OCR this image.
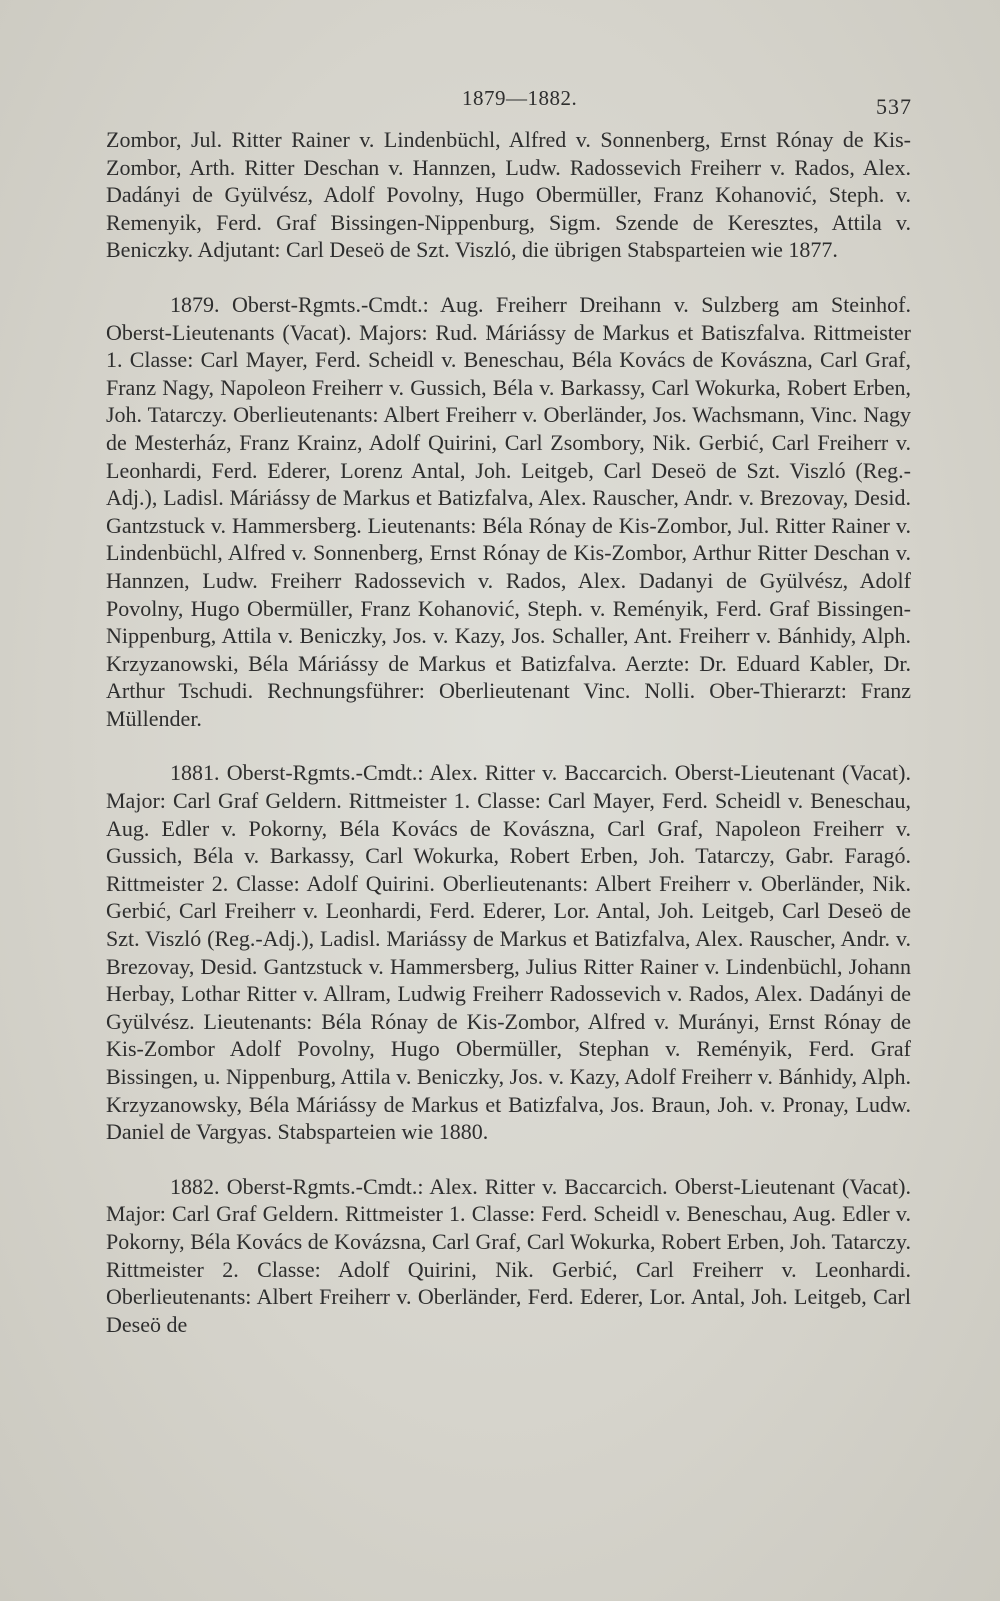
1879—1882.	537

Zombor, Jul. Ritter Rainer v. Lindenbüchl, Alfred v. Sonnenberg, Ernst Rónay de Kis-Zombor, Arth. Ritter Deschan v. Hannzen, Ludw. Radossevich Freiherr v. Rados, Alex. Dadányi de Gyülvész, Adolf Povolny, Hugo Obermüller, Franz Kohanović, Steph. v. Remenyik, Ferd. Graf Bissingen-Nippenburg, Sigm. Szende de Keresztes, Attila v. Beniczky. Adjutant: Carl Deseö de Szt. Viszló, die übrigen Stabsparteien wie 1877.

1879. Oberst-Rgmts.-Cmdt.: Aug. Freiherr Dreihann v. Sulzberg am Steinhof. Oberst-Lieutenants (Vacat). Majors: Rud. Máriássy de Markus et Batiszfalva. Rittmeister 1. Classe: Carl Mayer, Ferd. Scheidl v. Beneschau, Béla Kovács de Kovászna, Carl Graf, Franz Nagy, Napoleon Freiherr v. Gussich, Béla v. Barkassy, Carl Wokurka, Robert Erben, Joh. Tatarczy. Oberlieutenants: Albert Freiherr v. Oberländer, Jos. Wachsmann, Vinc. Nagy de Mesterház, Franz Krainz, Adolf Quirini, Carl Zsombory, Nik. Gerbić, Carl Freiherr v. Leonhardi, Ferd. Ederer, Lorenz Antal, Joh. Leitgeb, Carl Deseö de Szt. Viszló (Reg.-Adj.), Ladisl. Máriássy de Markus et Batizfalva, Alex. Rauscher, Andr. v. Brezovay, Desid. Gantzstuck v. Hammersberg. Lieutenants: Béla Rónay de Kis-Zombor, Jul. Ritter Rainer v. Lindenbüchl, Alfred v. Sonnenberg, Ernst Rónay de Kis-Zombor, Arthur Ritter Deschan v. Hannzen, Ludw. Freiherr Radossevich v. Rados, Alex. Dadanyi de Gyülvész, Adolf Povolny, Hugo Obermüller, Franz Kohanović, Steph. v. Reményik, Ferd. Graf Bissingen-Nippenburg, Attila v. Beniczky, Jos. v. Kazy, Jos. Schaller, Ant. Freiherr v. Bánhidy, Alph. Krzyzanowski, Béla Máriássy de Markus et Batizfalva. Aerzte: Dr. Eduard Kabler, Dr. Arthur Tschudi. Rechnungsführer: Oberlieutenant Vinc. Nolli. Ober-Thierarzt: Franz Müllender.

1881. Oberst-Rgmts.-Cmdt.: Alex. Ritter v. Baccarcich. Oberst-Lieutenant (Vacat). Major: Carl Graf Geldern. Rittmeister 1. Classe: Carl Mayer, Ferd. Scheidl v. Beneschau, Aug. Edler v. Pokorny, Béla Kovács de Kovászna, Carl Graf, Napoleon Freiherr v. Gussich, Béla v. Barkassy, Carl Wokurka, Robert Erben, Joh. Tatarczy, Gabr. Faragó. Rittmeister 2. Classe: Adolf Quirini. Oberlieutenants: Albert Freiherr v. Oberländer, Nik. Gerbić, Carl Freiherr v. Leonhardi, Ferd. Ederer, Lor. Antal, Joh. Leitgeb, Carl Deseö de Szt. Viszló (Reg.-Adj.), Ladisl. Mariássy de Markus et Batizfalva, Alex. Rauscher, Andr. v. Brezovay, Desid. Gantzstuck v. Hammersberg, Julius Ritter Rainer v. Lindenbüchl, Johann Herbay, Lothar Ritter v. Allram, Ludwig Freiherr Radossevich v. Rados, Alex. Dadányi de Gyülvész. Lieutenants: Béla Rónay de Kis-Zombor, Alfred v. Murányi, Ernst Rónay de Kis-Zombor Adolf Povolny, Hugo Obermüller, Stephan v. Reményik, Ferd. Graf Bissingen, u. Nippenburg, Attila v. Beniczky, Jos. v. Kazy, Adolf Freiherr v. Bánhidy, Alph. Krzyzanowsky, Béla Máriássy de Markus et Batizfalva, Jos. Braun, Joh. v. Pronay, Ludw. Daniel de Vargyas. Stabsparteien wie 1880.

1882. Oberst-Rgmts.-Cmdt.: Alex. Ritter v. Baccarcich. Oberst-Lieutenant (Vacat). Major: Carl Graf Geldern. Rittmeister 1. Classe: Ferd. Scheidl v. Beneschau, Aug. Edler v. Pokorny, Béla Kovács de Kovázsna, Carl Graf, Carl Wokurka, Robert Erben, Joh. Tatarczy. Rittmeister 2. Classe: Adolf Quirini, Nik. Gerbić, Carl Freiherr v. Leonhardi. Oberlieutenants: Albert Freiherr v. Oberländer, Ferd. Ederer, Lor. Antal, Joh. Leitgeb, Carl Deseö de
